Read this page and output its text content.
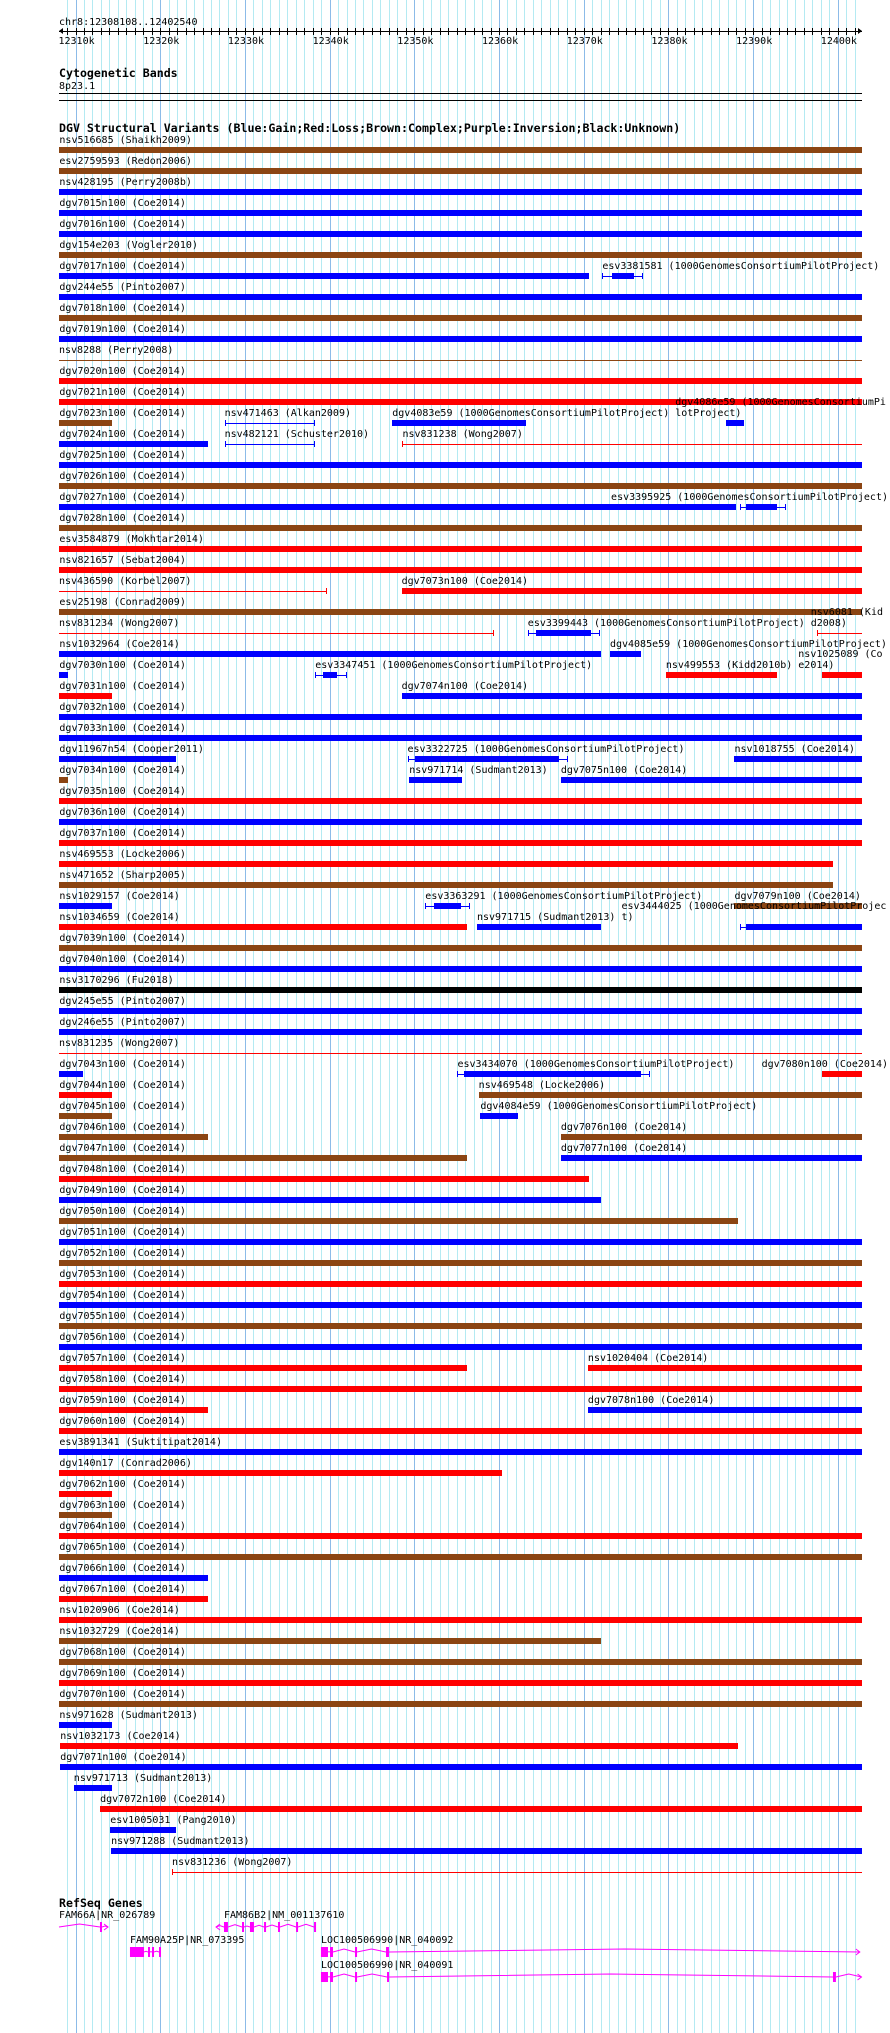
chr8:12308108..12402540
12310k	12320k	12330k	12340k	12350k	12360k	12370k	12380k	12390k	12400k
Cytogenetic Bands
8p23.1
DGV Structural Variants (Blue:Gain;Red:Loss;Brown:Complex;Purple:Inversion;Black:Unknown)
nsv516685 (Shaikh2009)
esv2759593 (Redon2006)
nsv428195 (Perry2008b)
dgv7015n100 (Coe2014)
dgv7016n100 (Coe2014)
dgv154e203 (Vogler2010)
dgv7017n100 (Coe2014)	esv3381581 (1000GenomesConsortiumPilotProject)
dgv244e55 (Pinto2007)
dgv7018n100 (Coe2014)
dgv7019n100 (Coe2014)
nsv8288 (Perry2008)
dgv7020n100 (Coe2014)
dgv7021n100 (Coe2014)
dgv7023n100 (Coe2014)	nsv471463 (Alkan2009)	dgv4083e59 (1000GenomesConsortiumPilotProject)
dgv4086e59 (1000GenomesConsortiumPilotProject)
dgv7024n100 (Coe2014)	nsv482121 (Schuster2010)	nsv831238 (Wong2007)
dgv7025n100 (Coe2014)
dgv7026n100 (Coe2014)
dgv7027n100 (Coe2014)	esv3395925 (1000GenomesConsortiumPilotProject)
dgv7028n100 (Coe2014)
esv3584879 (Mokhtar2014)
nsv821657 (Sebat2004)
nsv436590 (Korbel2007)	dgv7073n100 (Coe2014)
esv25198 (Conrad2009)
nsv831234 (Wong2007)	esv3399443 (1000GenomesConsortiumPilotProject)
nsv6081 (Kidd2008)
nsv1032964 (Coe2014)	dgv4085e59 (1000GenomesConsortiumPilotProject)
dgv7030n100 (Coe2014)	esv3347451 (1000GenomesConsortiumPilotProject)	nsv499553 (Kidd2010b)
nsv1025089 (Coe2014)
dgv7031n100 (Coe2014)	dgv7074n100 (Coe2014)
dgv7032n100 (Coe2014)
dgv7033n100 (Coe2014)
dgv11967n54 (Cooper2011)	esv3322725 (1000GenomesConsortiumPilotProject)	nsv1018755 (Coe2014)
dgv7034n100 (Coe2014)	nsv971714 (Sudmant2013) dgv7075n100 (Coe2014)
dgv7035n100 (Coe2014)
dgv7036n100 (Coe2014)
dgv7037n100 (Coe2014)
nsv469553 (Locke2006)
nsv471652 (Sharp2005)
nsv1029157 (Coe2014)	esv3363291 (1000GenomesConsortiumPilotProject)	dgv7079n100 (Coe2014)
nsv1034659 (Coe2014)	nsv971715 (Sudmant2013)
esv3444025 (1000GenomesConsortiumPilotProject)
dgv7039n100 (Coe2014)
dgv7040n100 (Coe2014)
nsv3170296 (Fu2018)
dgv245e55 (Pinto2007)
dgv246e55 (Pinto2007)
nsv831235 (Wong2007)
dgv7043n100 (Coe2014)	esv3434070 (1000GenomesConsortiumPilotProject)	dgv7080n100 (Coe2014)
dgv7044n100 (Coe2014)	nsv469548 (Locke2006)
dgv7045n100 (Coe2014)	dgv4084e59 (1000GenomesConsortiumPilotProject)
dgv7046n100 (Coe2014)	dgv7076n100 (Coe2014)
dgv7047n100 (Coe2014)	dgv7077n100 (Coe2014)
dgv7048n100 (Coe2014)
dgv7049n100 (Coe2014)
dgv7050n100 (Coe2014)
dgv7051n100 (Coe2014)
dgv7052n100 (Coe2014)
dgv7053n100 (Coe2014)
dgv7054n100 (Coe2014)
dgv7055n100 (Coe2014)
dgv7056n100 (Coe2014)
dgv7057n100 (Coe2014)	nsv1020404 (Coe2014)
dgv7058n100 (Coe2014)
dgv7059n100 (Coe2014)	dgv7078n100 (Coe2014)
dgv7060n100 (Coe2014)
esv3891341 (Suktitipat2014)
dgv140n17 (Conrad2006)
dgv7062n100 (Coe2014)
dgv7063n100 (Coe2014)
dgv7064n100 (Coe2014)
dgv7065n100 (Coe2014)
dgv7066n100 (Coe2014)
dgv7067n100 (Coe2014)
nsv1020906 (Coe2014)
nsv1032729 (Coe2014)
dgv7068n100 (Coe2014)
dgv7069n100 (Coe2014)
dgv7070n100 (Coe2014)
nsv971628 (Sudmant2013)
nsv1032173 (Coe2014)
dgv7071n100 (Coe2014)
nsv971713 (Sudmant2013)
dgv7072n100 (Coe2014)
esv1005031 (Pang2010)
nsv971288 (Sudmant2013)
nsv831236 (Wong2007)
RefSeq Genes
FAM66A|NR_026789	FAM86B2|NM_001137610
FAM90A25P|NR_073395	LOC100506990|NR_040092
LOC100506990|NR_040091
